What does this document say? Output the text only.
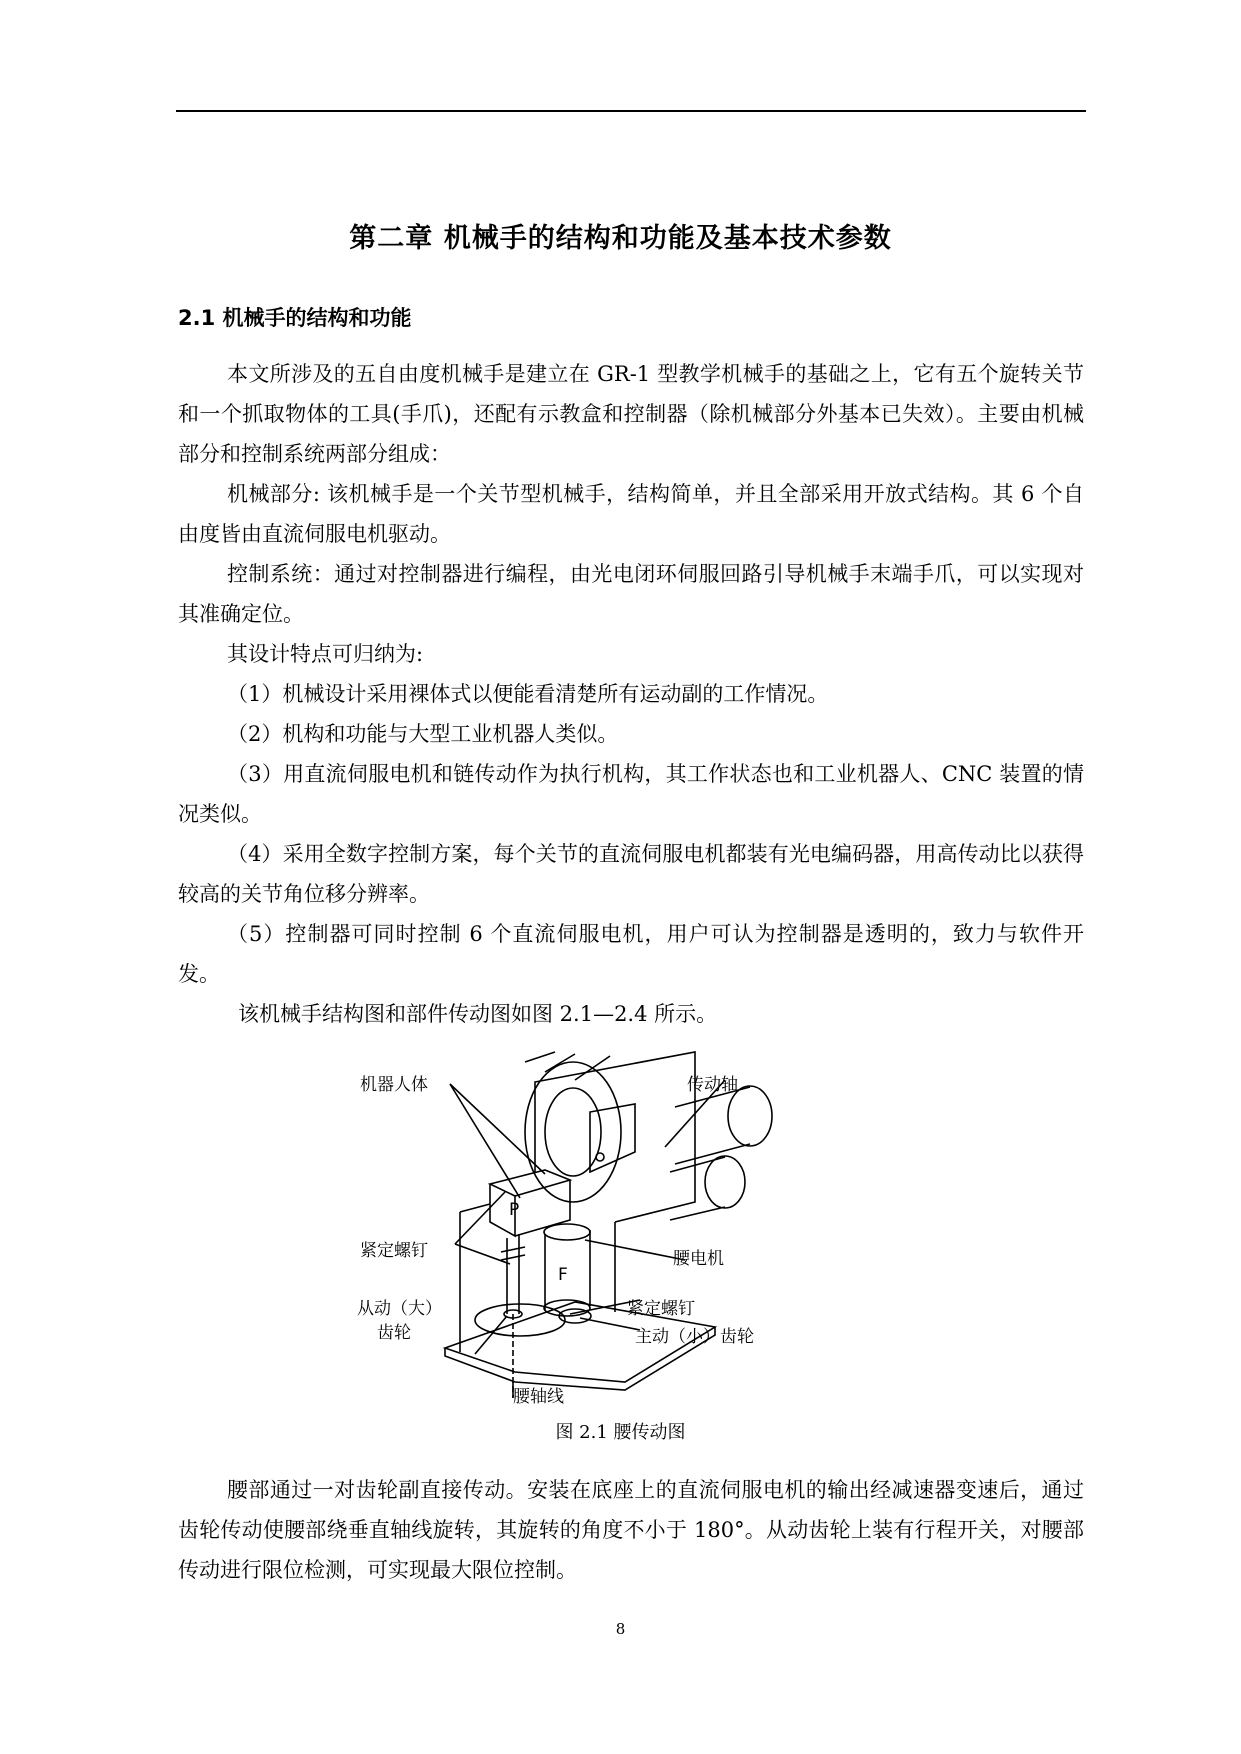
第二章 机械手的结构和功能及基本技术参数
2.1 机械手的结构和功能
本文所涉及的五自由度机械手是建立在 GR-1 型教学机械手的基础之上，它有五个旋转关节和一个抓取物体的工具(手爪)，还配有示教盒和控制器（除机械部分外基本已失效）。主要由机械部分和控制系统两部分组成：
机械部分: 该机械手是一个关节型机械手，结构简单，并且全部采用开放式结构。其 6 个自由度皆由直流伺服电机驱动。
控制系统：通过对控制器进行编程，由光电闭环伺服回路引导机械手末端手爪，可以实现对其准确定位。
其设计特点可归纳为:
（1）机械设计采用裸体式以便能看清楚所有运动副的工作情况。
（2）机构和功能与大型工业机器人类似。
（3）用直流伺服电机和链传动作为执行机构，其工作状态也和工业机器人、CNC 装置的情况类似。
（4）采用全数字控制方案，每个关节的直流伺服电机都装有光电编码器，用高传动比以获得较高的关节角位移分辨率。
（5）控制器可同时控制 6 个直流伺服电机，用户可认为控制器是透明的，致力与软件开发。
该机械手结构图和部件传动图如图 2.1—2.4 所示。
机器人体	传动轴
紧定螺钉	腰电机
从动（大）
齿轮
紧定螺钉
主动（小）齿轮
腰轴线
P
F
图 2.1 腰传动图
腰部通过一对齿轮副直接传动。安装在底座上的直流伺服电机的输出经减速器变速后，通过齿轮传动使腰部绕垂直轴线旋转，其旋转的角度不小于 180°。从动齿轮上装有行程开关，对腰部传动进行限位检测，可实现最大限位控制。
8
